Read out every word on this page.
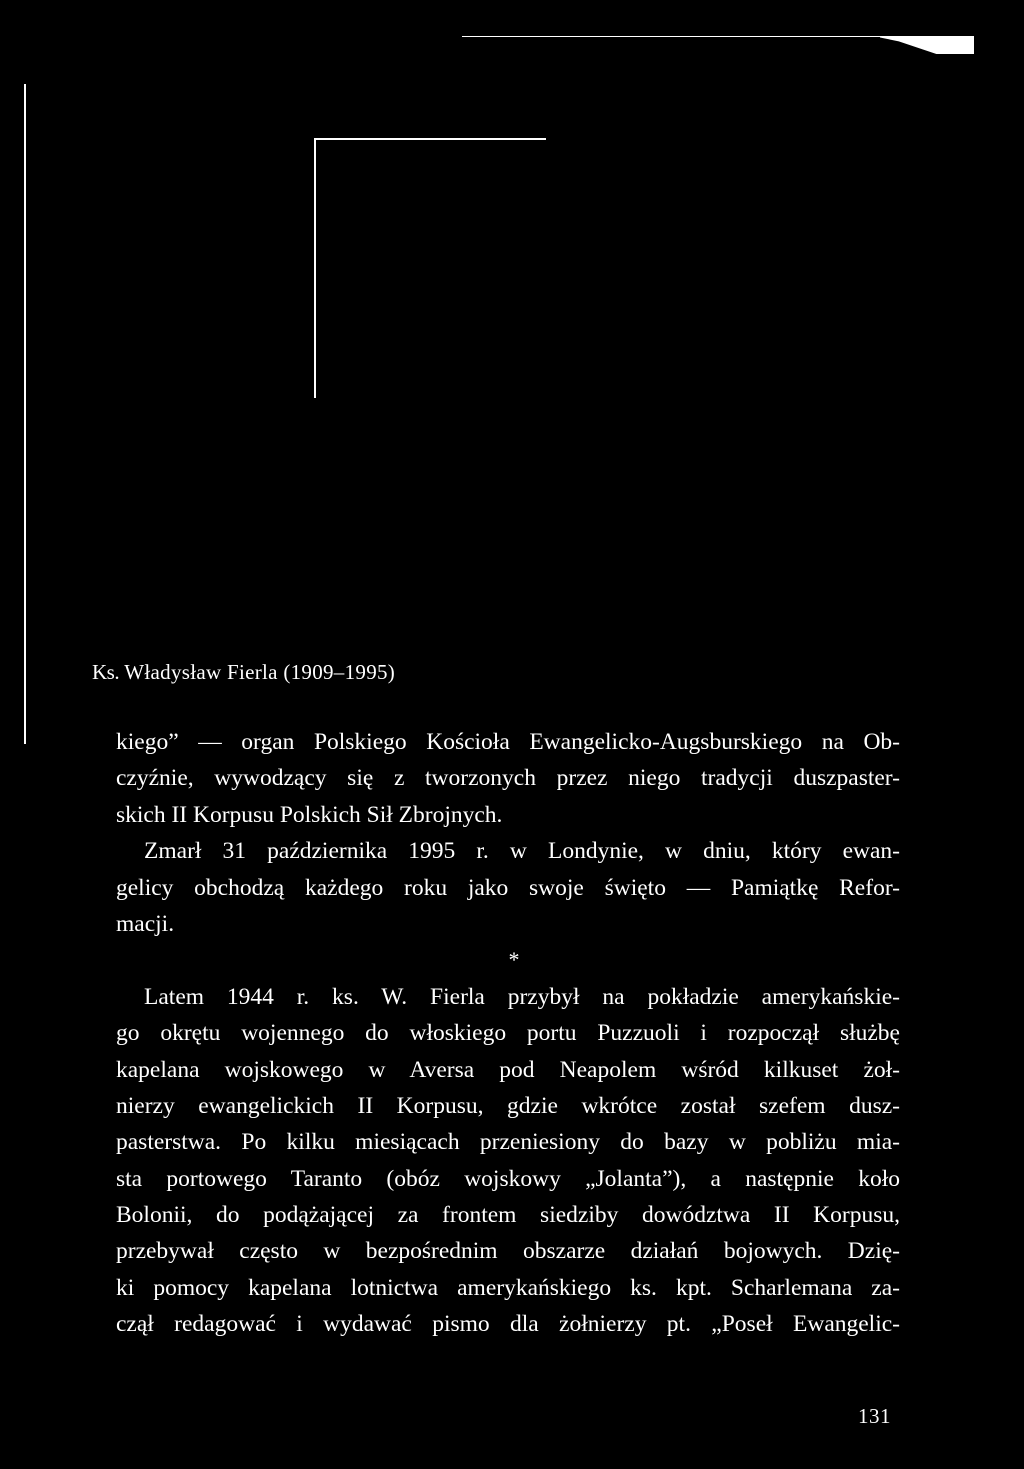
Ks. Władysław Fierla (1909–1995)
kiego” — organ Polskiego Kościoła Ewangelicko-Augsburskiego na Ob-
czyźnie, wywodzący się z tworzonych przez niego tradycji duszpaster-
skich II Korpusu Polskich Sił Zbrojnych.
Zmarł 31 października 1995 r. w Londynie, w dniu, który ewan-
gelicy obchodzą każdego roku jako swoje święto — Pamiątkę Refor-
macji.
*
Latem 1944 r. ks. W. Fierla przybył na pokładzie amerykańskie-
go okrętu wojennego do włoskiego portu Puzzuoli i rozpoczął służbę
kapelana wojskowego w Aversa pod Neapolem wśród kilkuset żoł-
nierzy ewangelickich II Korpusu, gdzie wkrótce został szefem dusz-
pasterstwa. Po kilku miesiącach przeniesiony do bazy w pobliżu mia-
sta portowego Taranto (obóz wojskowy „Jolanta”), a następnie koło
Bolonii, do podążającej za frontem siedziby dowództwa II Korpusu,
przebywał często w bezpośrednim obszarze działań bojowych. Dzię-
ki pomocy kapelana lotnictwa amerykańskiego ks. kpt. Scharlemana za-
czął redagować i wydawać pismo dla żołnierzy pt. „Poseł Ewangelic-
131
